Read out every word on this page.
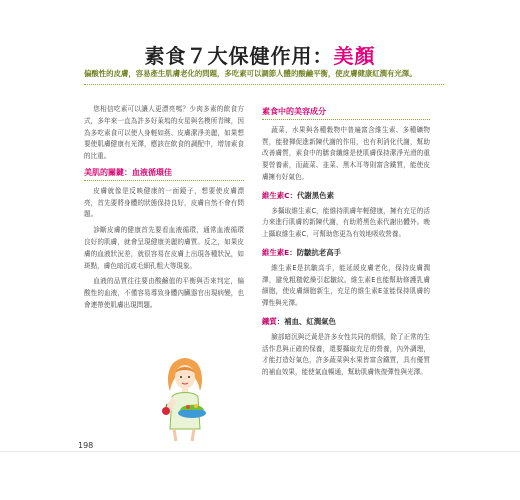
素食７大保健作用：美顏
偏酸性的皮膚，容易產生肌膚老化的問題，多吃素可以調節人體的酸鹼平衡，使皮膚健康紅潤有光澤。

您相信吃素可以讓人更漂亮嗎？少肉多素的飲食方式，多年來一直為許多好萊塢的女星與名模所青睞，因為多吃素食可以使人身輕如燕、皮膚潔淨美麗，如果想要使肌膚健康有光澤，應該在飲食的調配中，增加素食的比重。

美肌的關鍵：血液循環佳

皮膚就像是反映健康的一面鏡子，想要使皮膚漂亮，首先要將身體的狀態保持良好，皮膚自然不會有問題。

診斷皮膚的健康首先要看血液循環，通常血液循環良好的肌膚，就會呈現健康美麗的膚質。反之，如果皮膚的血液狀況差，就很容易在皮膚上出現各種狀況，如斑點，膚色暗沉或毛細孔粗大等現象。

血液的品質往往要由酸鹼值的平衡與否來判定，偏酸性的血液，不僅容易導致身體內臟器官出現病變，也會連帶使肌膚出現問題。

素食中的美容成分

蔬菜，水果與各種穀物中普遍富含維生素、多種礦物質，能發揮促進新陳代謝的作用，也有利消化代謝，幫助改善膚質，素食中的膳食纖維是使肌膚保持潔淨光滑的重要營養素，而蔬菜、韭菜、黑木耳等則富含鐵質，能使皮膚擁有好氣色。

維生素C：代謝黑色素

多攝取維生素C，能維持肌膚年輕健康，擁有充足的活力來進行肌膚的新陳代謝，有助將黑色素代謝出體外。晚上攝取維生素C，可幫助您更為有效地吸收營養。

維生素E：防皺抗老高手

維生素E是抗皺高手，能延緩皮膚老化，保持皮膚潤澤，避免粗糙乾燥引起皺紋。維生素E也能幫助修護乳膚細胞，使皮膚細胞新生，充足的維生素E並能保持肌膚的彈性與光澤。

鐵質：補血、紅潤氣色

臉部暗沉與泛黃是許多女性共同的煩惱，除了正常的生活作息與正確的保養，還要攝取充足的營養，內外調理，才能打造好氣色，許多蔬菜與水果皆富含鐵質，具有優質的補血效果，能使氣血暢通，幫助肌膚恢復彈性與光澤。

198
